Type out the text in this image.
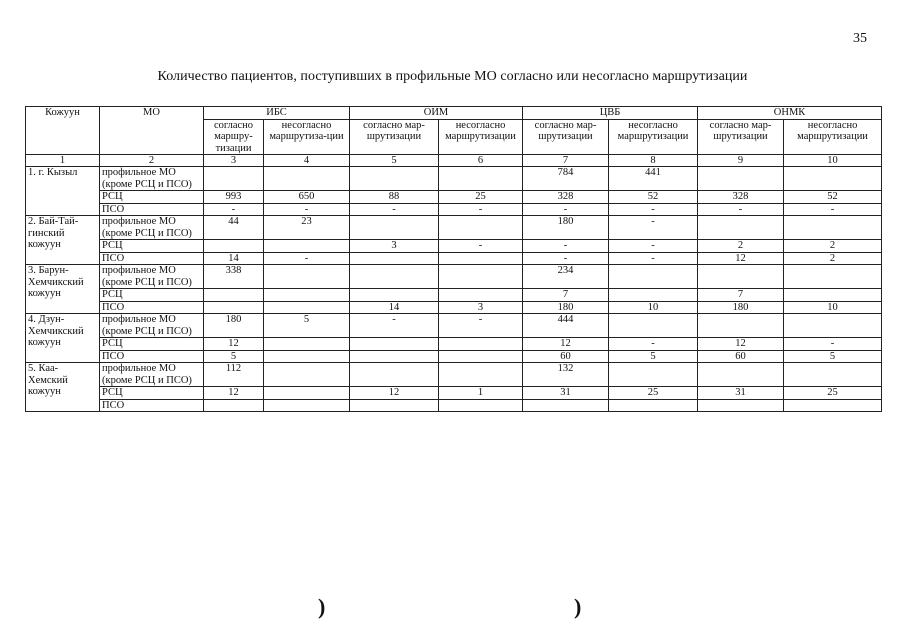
35
Количество пациентов, поступивших в профильные МО согласно или несогласно маршрутизации
Кожуун	МО	ИБС		ОИМ		ЦВБ		ОНМК	
		согласно маршру-тизации	несогласно маршрутиза-ции	согласно мар-шрутизации	несогласно маршрутизации	согласно мар-шрутизации	несогласно маршрутизации	согласно мар-шрутизации	несогласно маршрутизации
1	2	3	4	5	6	7	8	9	10
1. г. Кызыл	профильное МО (кроме РСЦ и ПСО)					784	441		
	РСЦ	993	650	88	25	328	52	328	52
	ПСО	-	-	-	-	-	-	-	-
2. Бай-Тай-гинский кожуун	профильное МО (кроме РСЦ и ПСО)	44	23			180	-		
	РСЦ			3	-	-	-	2	2
	ПСО	14	-			-	-	12	2
3. Барун-Хемчикский кожуун	профильное МО (кроме РСЦ и ПСО)	338				234			
	РСЦ					7		7	
	ПСО			14	3	180	10	180	10
4. Дзун-Хемчикский кожуун	профильное МО (кроме РСЦ и ПСО)	180	5	-	-	444			
	РСЦ	12				12	-	12	-
	ПСО	5				60	5	60	5
5. Каа-Хемский кожуун	профильное МО (кроме РСЦ и ПСО)	112				132			
	РСЦ	12		12	1	31	25	31	25
	ПСО								
)	)
